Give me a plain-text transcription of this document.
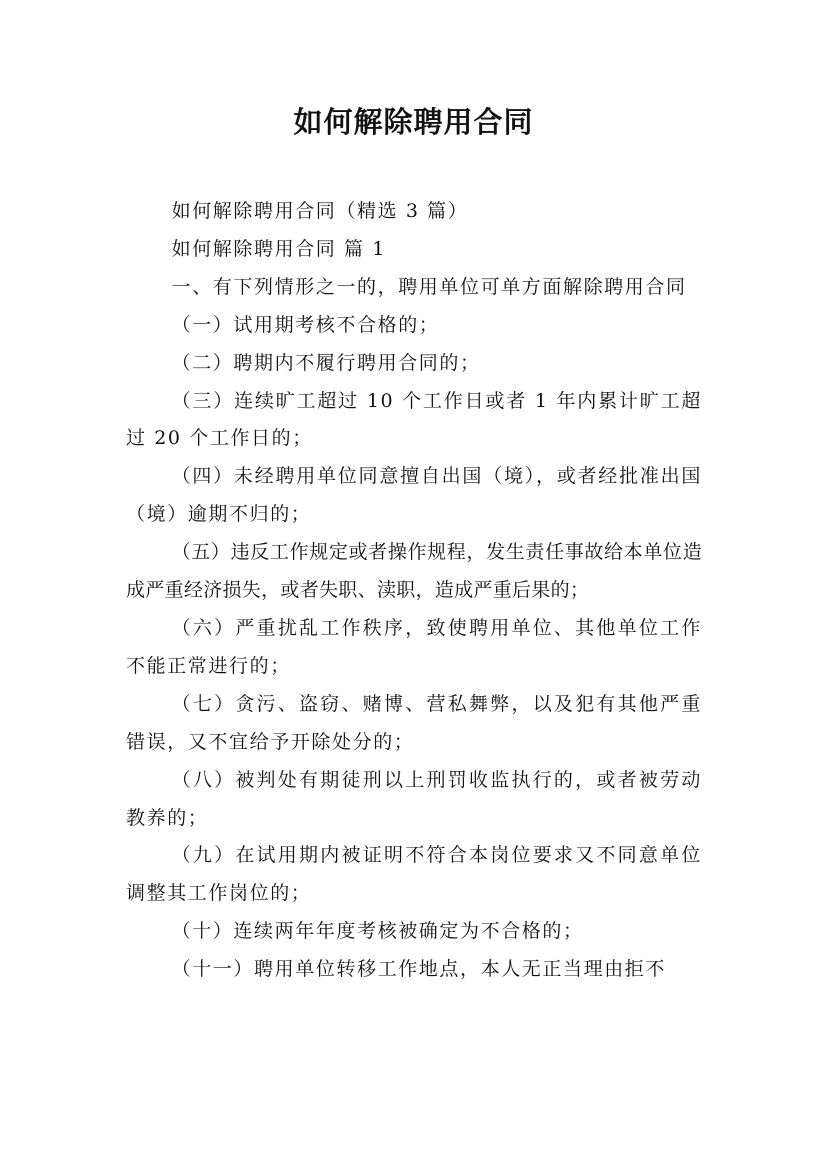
如何解除聘用合同

如何解除聘用合同（精选 3 篇）

如何解除聘用合同 篇 1

一、有下列情形之一的，聘用单位可单方面解除聘用合同

（一）试用期考核不合格的；

（二）聘期内不履行聘用合同的；

（三）连续旷工超过 10 个工作日或者 1 年内累计旷工超过 20 个工作日的；

（四）未经聘用单位同意擅自出国（境），或者经批准出国（境）逾期不归的；

（五）违反工作规定或者操作规程，发生责任事故给本单位造成严重经济损失，或者失职、渎职，造成严重后果的；

（六）严重扰乱工作秩序，致使聘用单位、其他单位工作不能正常进行的；

（七）贪污、盗窃、赌博、营私舞弊，以及犯有其他严重错误，又不宜给予开除处分的；

（八）被判处有期徒刑以上刑罚收监执行的，或者被劳动教养的；

（九）在试用期内被证明不符合本岗位要求又不同意单位调整其工作岗位的；

（十）连续两年年度考核被确定为不合格的；

（十一）聘用单位转移工作地点，本人无正当理由拒不
